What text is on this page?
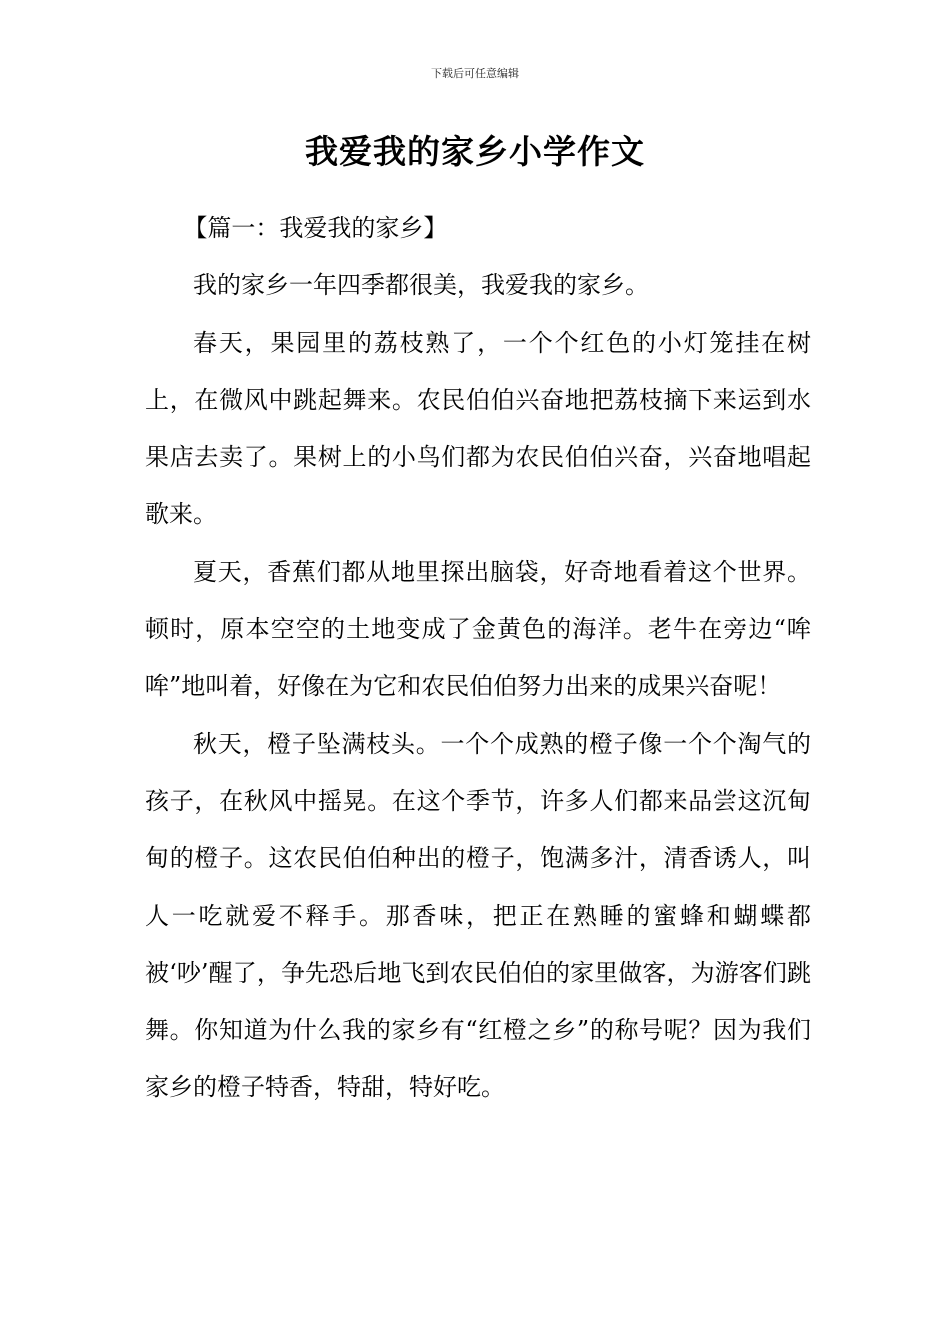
下载后可任意编辑
我爱我的家乡小学作文

【篇一：我爱我的家乡】

我的家乡一年四季都很美，我爱我的家乡。

春天，果园里的荔枝熟了，一个个红色的小灯笼挂在树上，在微风中跳起舞来。农民伯伯兴奋地把荔枝摘下来运到水果店去卖了。果树上的小鸟们都为农民伯伯兴奋，兴奋地唱起歌来。

夏天，香蕉们都从地里探出脑袋，好奇地看着这个世界。顿时，原本空空的土地变成了金黄色的海洋。老牛在旁边“哞哞”地叫着，好像在为它和农民伯伯努力出来的成果兴奋呢！

秋天，橙子坠满枝头。一个个成熟的橙子像一个个淘气的孩子，在秋风中摇晃。在这个季节，许多人们都来品尝这沉甸甸的橙子。这农民伯伯种出的橙子，饱满多汁，清香诱人，叫人一吃就爱不释手。那香味，把正在熟睡的蜜蜂和蝴蝶都被‘吵’醒了，争先恐后地飞到农民伯伯的家里做客，为游客们跳舞。你知道为什么我的家乡有“红橙之乡”的称号呢？因为我们家乡的橙子特香，特甜，特好吃。
